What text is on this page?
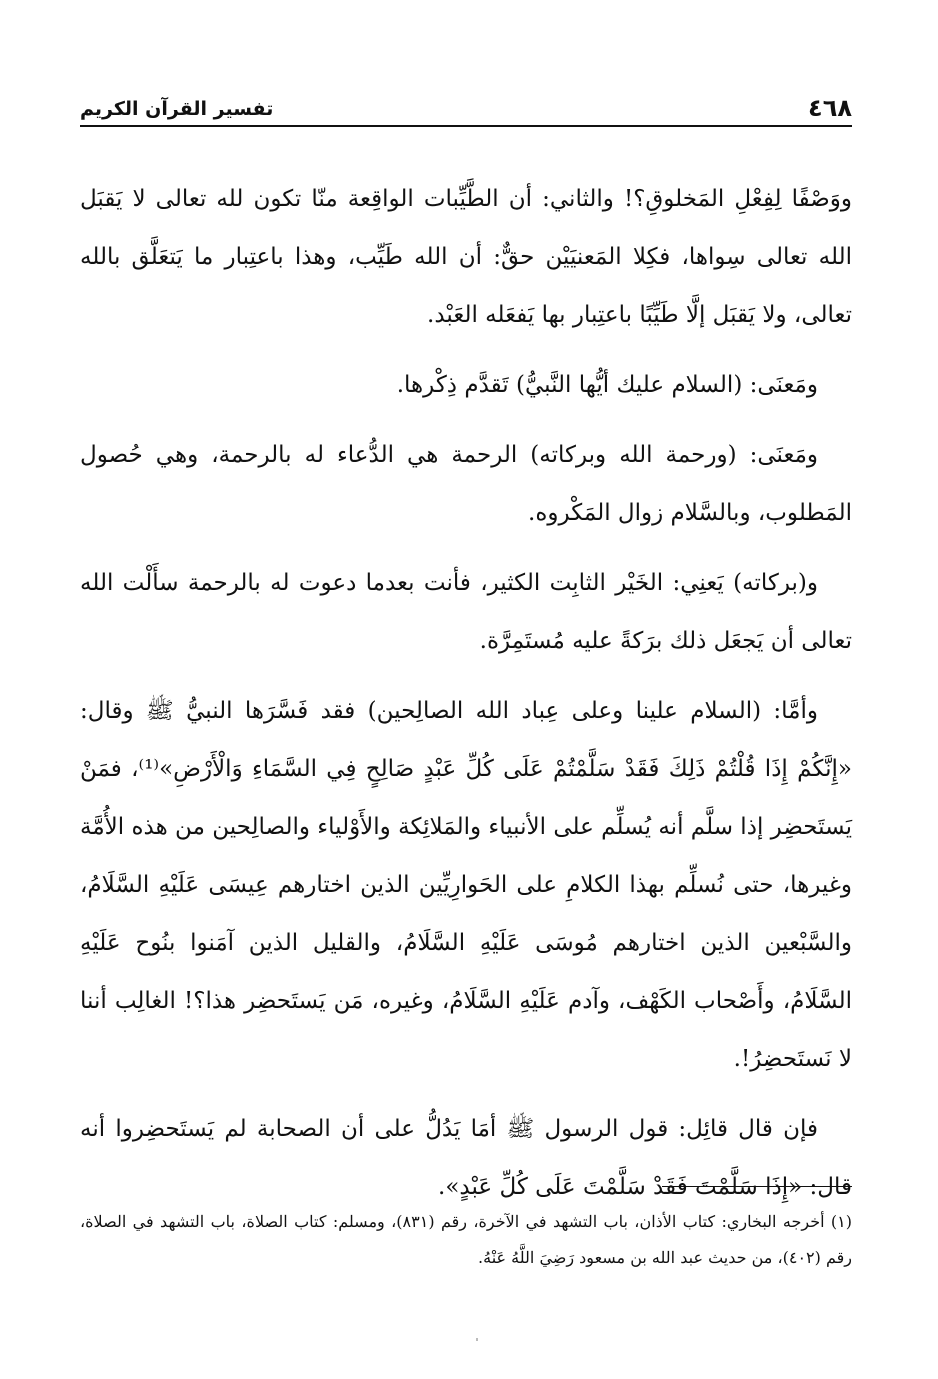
٤٦٨
تفسير القرآن الكريم

ووَصْفًا لِفِعْلِ المَخلوقِ؟! والثاني: أن الطَّيِّبات الواقِعة منّا تكون لله تعالى لا يَقبَل الله تعالى سِواها، فكِلا المَعنيَيْن حقٌّ: أن الله طَيِّب، وهذا باعتِبار ما يَتعَلَّق بالله تعالى، ولا يَقبَل إلَّا طَيِّبًا باعتِبار بها يَفعَله العَبْد.

ومَعنَى: (السلام عليك أيُّها النَّبيُّ) تَقدَّم ذِكْرها.

ومَعنَى: (ورحمة الله وبركاته) الرحمة هي الدُّعاء له بالرحمة، وهي حُصول المَطلوب، وبالسَّلام زوال المَكْروه.

و(بركاته) يَعنِي: الخَيْر الثابِت الكثير، فأنت بعدما دعوت له بالرحمة سأَلْت الله تعالى أن يَجعَل ذلك برَكةً عليه مُستَمِرَّة.

وأمَّا: (السلام علينا وعلى عِباد الله الصالِحين) فقد فَسَّرَها النبيُّ ﷺ وقال: «إِنَّكُمْ إِذَا قُلْتُمْ ذَلِكَ فَقَدْ سَلَّمْتُمْ عَلَى كُلِّ عَبْدٍ صَالِحٍ فِي السَّمَاءِ وَالْأَرْضِ»⁽¹⁾، فمَنْ يَستَحضِر إذا سلَّم أنه يُسلِّم على الأنبياء والمَلائِكة والأَوْلياء والصالِحين من هذه الأُمَّة وغيرها، حتى نُسلِّم بهذا الكلامِ على الحَوارِيِّين الذين اختارهم عِيسَى عَلَيْهِ السَّلَامُ، والسَّبْعين الذين اختارهم مُوسَى عَلَيْهِ السَّلَامُ، والقليل الذين آمَنوا بنُوح عَلَيْهِ السَّلَامُ، وأَصْحاب الكَهْف، وآدم عَلَيْهِ السَّلَامُ، وغيره، مَن يَستَحضِر هذا؟! الغالِب أننا لا نَستَحضِرُ!.

فإن قال قائِل: قول الرسول ﷺ أمَا يَدُلُّ على أن الصحابة لم يَستَحضِروا أنه قال: «إِذَا سَلَّمْتَ فَقَدْ سَلَّمْتَ عَلَى كُلِّ عَبْدٍ».

(١) أخرجه البخاري: كتاب الأذان، باب التشهد في الآخرة، رقم (٨٣١)، ومسلم: كتاب الصلاة، باب التشهد في الصلاة، رقم (٤٠٢)، من حديث عبد الله بن مسعود رَضِيَ اللَّهُ عَنْهُ.
